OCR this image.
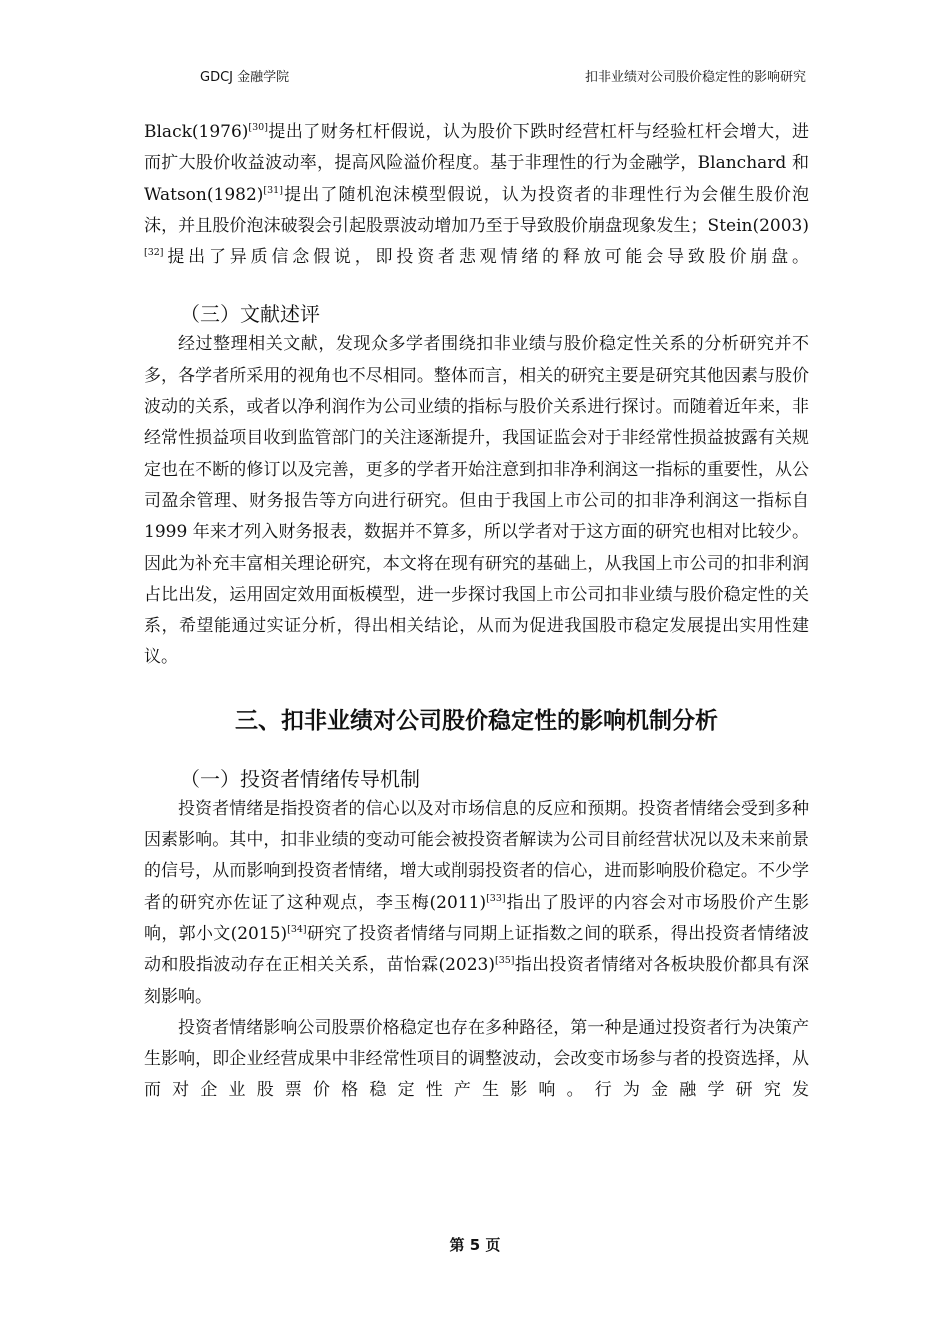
GDCJ 金融学院	扣非业绩对公司股价稳定性的影响研究

Black(1976)[30]提出了财务杠杆假说，认为股价下跌时经营杠杆与经验杠杆会增大，进而扩大股价收益波动率，提高风险溢价程度。基于非理性的行为金融学，Blanchard 和 Watson(1982)[31]提出了随机泡沫模型假说，认为投资者的非理性行为会催生股价泡沫，并且股价泡沫破裂会引起股票波动增加乃至于导致股价崩盘现象发生；Stein(2003)[32]提出了异质信念假说，即投资者悲观情绪的释放可能会导致股价崩盘。

（三）文献述评

经过整理相关文献，发现众多学者围绕扣非业绩与股价稳定性关系的分析研究并不多，各学者所采用的视角也不尽相同。整体而言，相关的研究主要是研究其他因素与股价波动的关系，或者以净利润作为公司业绩的指标与股价关系进行探讨。而随着近年来，非经常性损益项目收到监管部门的关注逐渐提升，我国证监会对于非经常性损益披露有关规定也在不断的修订以及完善，更多的学者开始注意到扣非净利润这一指标的重要性，从公司盈余管理、财务报告等方向进行研究。但由于我国上市公司的扣非净利润这一指标自 1999 年来才列入财务报表，数据并不算多，所以学者对于这方面的研究也相对比较少。因此为补充丰富相关理论研究，本文将在现有研究的基础上，从我国上市公司的扣非利润占比出发，运用固定效用面板模型，进一步探讨我国上市公司扣非业绩与股价稳定性的关系，希望能通过实证分析，得出相关结论，从而为促进我国股市稳定发展提出实用性建议。

三、扣非业绩对公司股价稳定性的影响机制分析
（一）投资者情绪传导机制

投资者情绪是指投资者的信心以及对市场信息的反应和预期。投资者情绪会受到多种因素影响。其中，扣非业绩的变动可能会被投资者解读为公司目前经营状况以及未来前景的信号，从而影响到投资者情绪，增大或削弱投资者的信心，进而影响股价稳定。不少学者的研究亦佐证了这种观点，李玉梅(2011)[33]指出了股评的内容会对市场股价产生影响，郭小文(2015)[34]研究了投资者情绪与同期上证指数之间的联系，得出投资者情绪波动和股指波动存在正相关关系，苗怡霖(2023)[35]指出投资者情绪对各板块股价都具有深刻影响。

投资者情绪影响公司股票价格稳定也存在多种路径，第一种是通过投资者行为决策产生影响，即企业经营成果中非经常性项目的调整波动，会改变市场参与者的投资选择，从而对企业股票价格稳定性产生影响。行为金融学研究发

第 5 页
